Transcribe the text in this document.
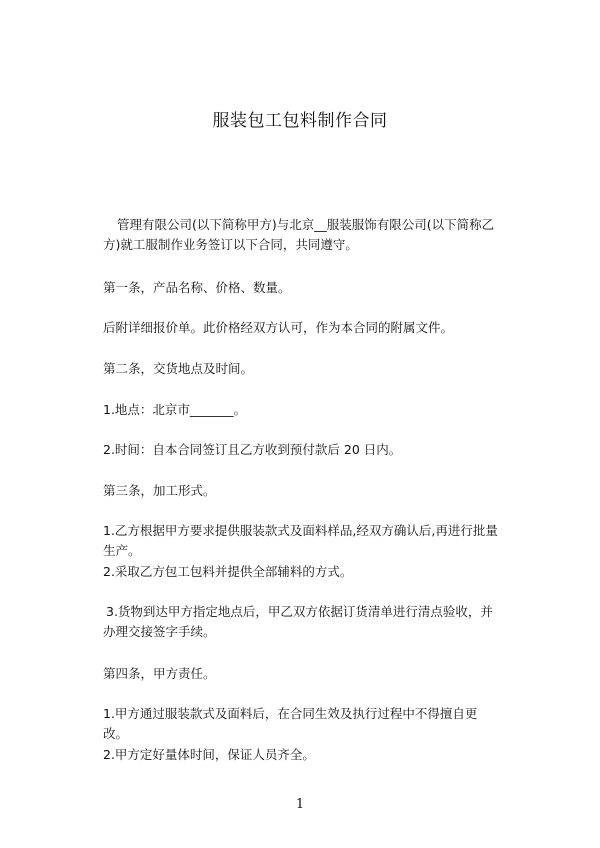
服装包工包料制作合同
管理有限公司(以下简称甲方)与北京__服装服饰有限公司(以下简称乙方)就工服制作业务签订以下合同，共同遵守。
第一条，产品名称、价格、数量。
后附详细报价单。此价格经双方认可，作为本合同的附属文件。
第二条，交货地点及时间。
1.地点：北京市_______。
2.时间：自本合同签订且乙方收到预付款后 20 日内。
第三条，加工形式。
1.乙方根据甲方要求提供服装款式及面料样品,经双方确认后,再进行批量生产。
2.采取乙方包工包料并提供全部辅料的方式。
3.货物到达甲方指定地点后，甲乙双方依据订货清单进行清点验收，并办理交接签字手续。
第四条，甲方责任。
1.甲方通过服装款式及面料后，在合同生效及执行过程中不得擅自更改。
2.甲方定好量体时间，保证人员齐全。
1
